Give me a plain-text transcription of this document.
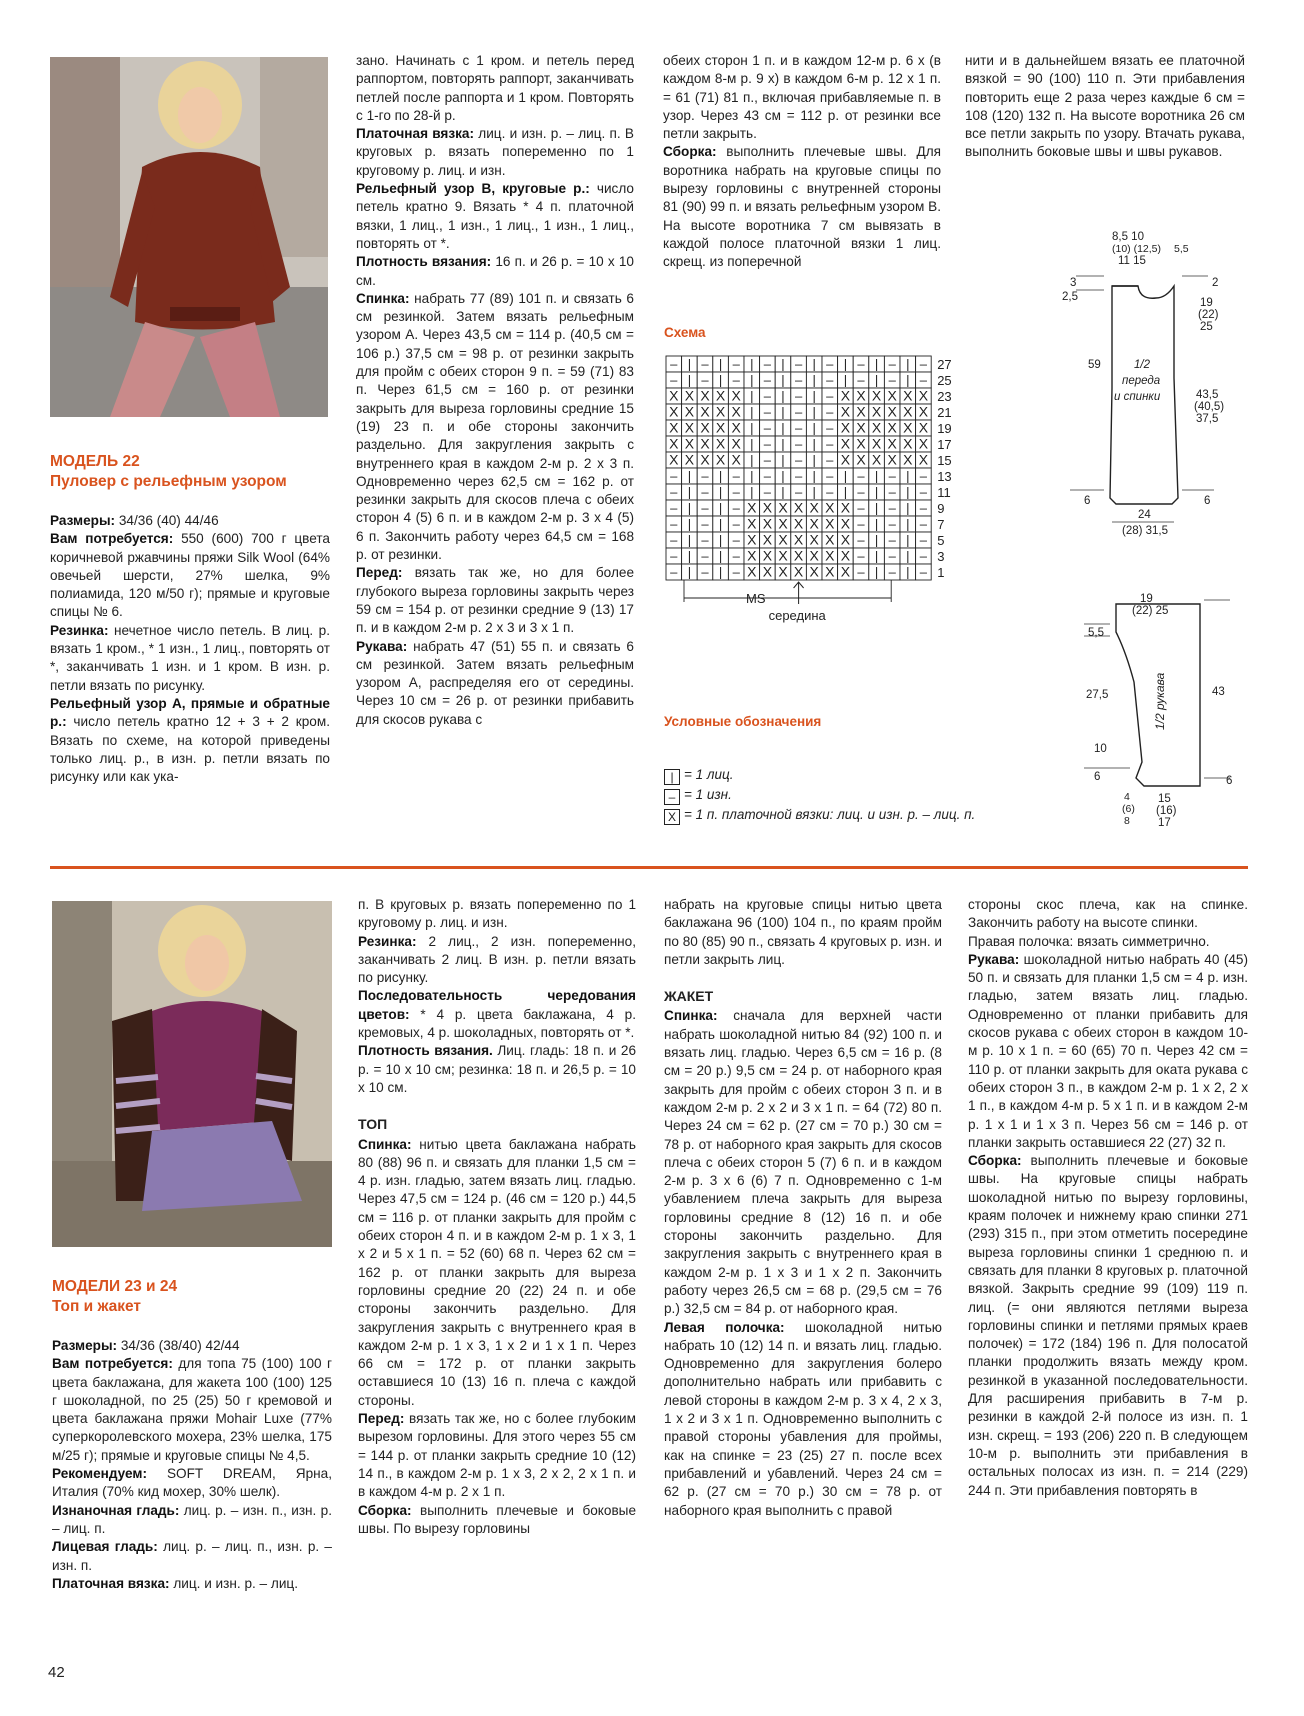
МОДЕЛЬ 22
Пуловер с рельефным узором

Размеры: 34/36 (40) 44/46

Вам потребуется: 550 (600) 700 г цвета коричневой ржавчины пряжи Silk Wool (64% овечьей шерсти, 27% шелка, 9% полиамида, 120 м/50 г); прямые и круговые спицы № 6.

Резинка: нечетное число петель. В лиц. р. вязать 1 кром., * 1 изн., 1 лиц., повторять от *, заканчивать 1 изн. и 1 кром. В изн. р. петли вязать по рисунку.

Рельефный узор А, прямые и обратные р.: число петель кратно 12 + 3 + 2 кром. Вязать по схеме, на которой приведены только лиц. р., в изн. р. петли вязать по рисунку или как ука-

зано. Начинать с 1 кром. и петель перед раппортом, повторять раппорт, заканчивать петлей после раппорта и 1 кром. Повторять с 1-го по 28-й р.

Платочная вязка: лиц. и изн. р. – лиц. п. В круговых р. вязать попеременно по 1 круговому р. лиц. и изн.

Рельефный узор В, круговые р.: число петель кратно 9. Вязать * 4 п. платочной вязки, 1 лиц., 1 изн., 1 лиц., 1 изн., 1 лиц., повторять от *.

Плотность вязания: 16 п. и 26 р. = 10 х 10 см.

Спинка: набрать 77 (89) 101 п. и связать 6 см резинкой. Затем вязать рельефным узором А. Через 43,5 см = 114 р. (40,5 см = 106 р.) 37,5 см = 98 р. от резинки закрыть для пройм с обеих сторон 9 п. = 59 (71) 83 п. Через 61,5 см = 160 р. от резинки закрыть для выреза горловины средние 15 (19) 23 п. и обе стороны закончить раздельно. Для закругления закрыть с внутреннего края в каждом 2-м р. 2 х 3 п. Одновременно через 62,5 см = 162 р. от резинки закрыть для скосов плеча с обеих сторон 4 (5) 6 п. и в каждом 2-м р. 3 х 4 (5) 6 п. Закончить работу через 64,5 см = 168 р. от резинки.

Перед: вязать так же, но для более глубокого выреза горловины закрыть через 59 см = 154 р. от резинки средние 9 (13) 17 п. и в каждом 2-м р. 2 х 3 и 3 х 1 п.

Рукава: набрать 47 (51) 55 п. и связать 6 см резинкой. Затем вязать рельефным узором А, распределяя его от середины. Через 10 см = 26 р. от резинки прибавить для скосов рукава с

обеих сторон 1 п. и в каждом 12-м р. 6 х (в каждом 8-м р. 9 х) в каждом 6-м р. 12 х 1 п. = 61 (71) 81 п., включая прибавляемые п. в узор. Через 43 см = 112 р. от резинки все петли закрыть.

Сборка: выполнить плечевые швы. Для воротника набрать на круговые спицы по вырезу горловины с внутренней стороны 81 (90) 99 п. и вязать рельефным узором В. На высоте воротника 7 см вывязать в каждой полосе платочной вязки 1 лиц. скрещ. из поперечной

нити и в дальнейшем вязать ее платочной вязкой = 90 (100) 110 п. Эти прибавления повторить еще 2 раза через каждые 6 см = 108 (120) 132 п. На высоте воротника 26 см все петли закрыть по узору. Втачать рукава, выполнить боковые швы и швы рукавов.

Схема
– | – | – | – | – | – | – | – | – 27
– | – | – | – | – | – | – | – | – 25
X X X X X | – | – | – X X X X X X 23
X X X X X | – | – | – X X X X X X 21
X X X X X | – | – | – X X X X X X 19
X X X X X | – | – | – X X X X X X 17
X X X X X | – | – | – X X X X X X 15
– | – | – | – | – | – | – | – | – 13
– | – | – | – | – | – | – | – | – 11
– | – | – X X X X X X X – | – | – 9
– | – | – X X X X X X X – | – | – 7
– | – | – X X X X X X X – | – | – 5
– | – | – X X X X X X X – | – | – 3
– | – | – X X X X X X X – | – | – 1
MS
середина
Условные обозначения
| = 1 лиц.
– = 1 изн.
X = 1 п. платочной вязки: лиц. и изн. р. – лиц. п.
8,5 10
(10) (12,5)
11 15
5,5
3
2,5
2
19
(22)
25
59	1/2
переда
и спинки	43,5
(40,5)
37,5
6	6
24
(28) 31,5
19
(22) 25
5,5
27,5	43
10
6	6
4
(6)
8
15
(16)
17
1/2 рукава
МОДЕЛИ 23 и 24
Топ и жакет

Размеры: 34/36 (38/40) 42/44

Вам потребуется: для топа 75 (100) 100 г цвета баклажана, для жакета 100 (100) 125 г шоколадной, по 25 (25) 50 г кремовой и цвета баклажана пряжи Mohair Luxe (77% суперкоролевского мохера, 23% шелка, 175 м/25 г); прямые и круговые спицы № 4,5.

Рекомендуем: SOFT DREAM, Ярна, Италия (70% кид мохер, 30% шелк).

Изнаночная гладь: лиц. р. – изн. п., изн. р. – лиц. п.

Лицевая гладь: лиц. р. – лиц. п., изн. р. – изн. п.

Платочная вязка: лиц. и изн. р. – лиц.

п. В круговых р. вязать попеременно по 1 круговому р. лиц. и изн.

Резинка: 2 лиц., 2 изн. попеременно, заканчивать 2 лиц. В изн. р. петли вязать по рисунку.

Последовательность чередования цветов: * 4 р. цвета баклажана, 4 р. кремовых, 4 р. шоколадных, повторять от *.

Плотность вязания. Лиц. гладь: 18 п. и 26 р. = 10 х 10 см; резинка: 18 п. и 26,5 р. = 10 х 10 см.

ТОП

Спинка: нитью цвета баклажана набрать 80 (88) 96 п. и связать для планки 1,5 см = 4 р. изн. гладью, затем вязать лиц. гладью. Через 47,5 см = 124 р. (46 см = 120 р.) 44,5 см = 116 р. от планки закрыть для пройм с обеих сторон 4 п. и в каждом 2-м р. 1 х 3, 1 х 2 и 5 х 1 п. = 52 (60) 68 п. Через 62 см = 162 р. от планки закрыть для выреза горловины средние 20 (22) 24 п. и обе стороны закончить раздельно. Для закругления закрыть с внутреннего края в каждом 2-м р. 1 х 3, 1 х 2 и 1 х 1 п. Через 66 см = 172 р. от планки закрыть оставшиеся 10 (13) 16 п. плеча с каждой стороны.

Перед: вязать так же, но с более глубоким вырезом горловины. Для этого через 55 см = 144 р. от планки закрыть средние 10 (12) 14 п., в каждом 2-м р. 1 х 3, 2 х 2, 2 х 1 п. и в каждом 4-м р. 2 х 1 п.

Сборка: выполнить плечевые и боковые швы. По вырезу горловины

набрать на круговые спицы нитью цвета баклажана 96 (100) 104 п., по краям пройм по 80 (85) 90 п., связать 4 круговых р. изн. и петли закрыть лиц.

ЖАКЕТ

Спинка: сначала для верхней части набрать шоколадной нитью 84 (92) 100 п. и вязать лиц. гладью. Через 6,5 см = 16 р. (8 см = 20 р.) 9,5 см = 24 р. от наборного края закрыть для пройм с обеих сторон 3 п. и в каждом 2-м р. 2 х 2 и 3 х 1 п. = 64 (72) 80 п. Через 24 см = 62 р. (27 см = 70 р.) 30 см = 78 р. от наборного края закрыть для скосов плеча с обеих сторон 5 (7) 6 п. и в каждом 2-м р. 3 х 6 (6) 7 п. Одновременно с 1-м убавлением плеча закрыть для выреза горловины средние 8 (12) 16 п. и обе стороны закончить раздельно. Для закругления закрыть с внутреннего края в каждом 2-м р. 1 х 3 и 1 х 2 п. Закончить работу через 26,5 см = 68 р. (29,5 см = 76 р.) 32,5 см = 84 р. от наборного края.

Левая полочка: шоколадной нитью набрать 10 (12) 14 п. и вязать лиц. гладью. Одновременно для закругления болеро дополнительно набрать или прибавить с левой стороны в каждом 2-м р. 3 х 4, 2 х 3, 1 х 2 и 3 х 1 п. Одновременно выполнить с правой стороны убавления для проймы, как на спинке = 23 (25) 27 п. после всех прибавлений и убавлений. Через 24 см = 62 р. (27 см = 70 р.) 30 см = 78 р. от наборного края выполнить с правой

стороны скос плеча, как на спинке. Закончить работу на высоте спинки.

Правая полочка: вязать симметрично.

Рукава: шоколадной нитью набрать 40 (45) 50 п. и связать для планки 1,5 см = 4 р. изн. гладью, затем вязать лиц. гладью. Одновременно от планки прибавить для скосов рукава с обеих сторон в каждом 10-м р. 10 х 1 п. = 60 (65) 70 п. Через 42 см = 110 р. от планки закрыть для оката рукава с обеих сторон 3 п., в каждом 2-м р. 1 х 2, 2 х 1 п., в каждом 4-м р. 5 х 1 п. и в каждом 2-м р. 1 х 1 и 1 х 3 п. Через 56 см = 146 р. от планки закрыть оставшиеся 22 (27) 32 п.

Сборка: выполнить плечевые и боковые швы. На круговые спицы набрать шоколадной нитью по вырезу горловины, краям полочек и нижнему краю спинки 271 (293) 315 п., при этом отметить посередине выреза горловины спинки 1 среднюю п. и связать для планки 8 круговых р. платочной вязкой. Закрыть средние 99 (109) 119 п. лиц. (= они являются петлями выреза горловины спинки и петлями прямых краев полочек) = 172 (184) 196 п. Для полосатой планки продолжить вязать между кром. резинкой в указанной последовательности. Для расширения прибавить в 7-м р. резинки в каждой 2-й полосе из изн. п. 1 изн. скрещ. = 193 (206) 220 п. В следующем 10-м р. выполнить эти прибавления в остальных полосах из изн. п. = 214 (229) 244 п. Эти прибавления повторять в

42
